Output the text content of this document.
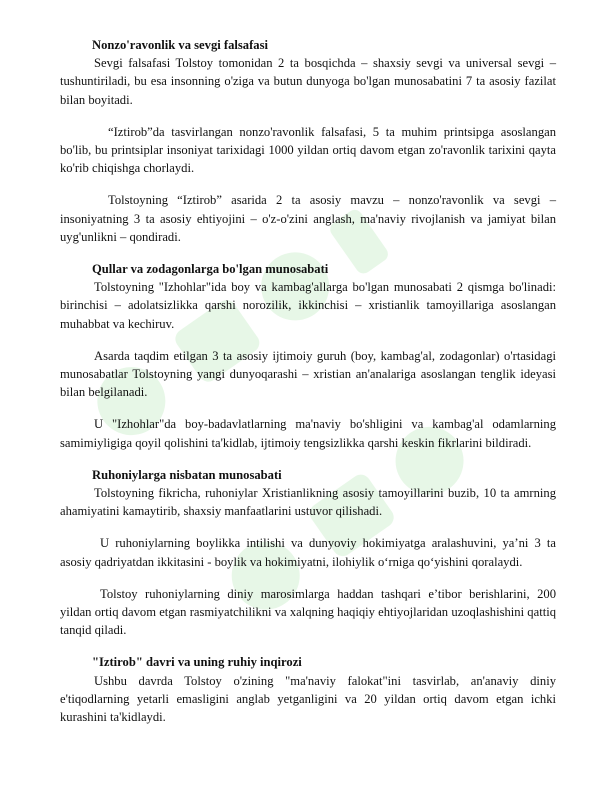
Nonzo'ravonlik va sevgi falsafasi

Sevgi falsafasi Tolstoy tomonidan 2 ta bosqichda – shaxsiy sevgi va universal sevgi – tushuntiriladi, bu esa insonning o'ziga va butun dunyoga bo'lgan munosabatini 7 ta asosiy fazilat bilan boyitadi.

“Iztirob”da tasvirlangan nonzo'ravonlik falsafasi, 5 ta muhim printsipga asoslangan bo'lib, bu printsiplar insoniyat tarixidagi 1000 yildan ortiq davom etgan zo'ravonlik tarixini qayta ko'rib chiqishga chorlaydi.

Tolstoyning “Iztirob” asarida 2 ta asosiy mavzu – nonzo'ravonlik va sevgi – insoniyatning 3 ta asosiy ehtiyojini – o'z-o'zini anglash, ma'naviy rivojlanish va jamiyat bilan uyg'unlikni – qondiradi.

Qullar va zodagonlarga bo'lgan munosabati

Tolstoyning "Izhohlar"ida boy va kambag'allarga bo'lgan munosabati 2 qismga bo'linadi: birinchisi – adolatsizlikka qarshi norozilik, ikkinchisi – xristianlik tamoyillariga asoslangan muhabbat va kechiruv.

Asarda taqdim etilgan 3 ta asosiy ijtimoiy guruh (boy, kambag'al, zodagonlar) o'rtasidagi munosabatlar Tolstoyning yangi dunyoqarashi – xristian an'analariga asoslangan tenglik ideyasi bilan belgilanadi.

U "Izhohlar"da boy-badavlatlarning ma'naviy bo'shligini va kambag'al odamlarning samimiyligiga qoyil qolishini ta'kidlab, ijtimoiy tengsizlikka qarshi keskin fikrlarini bildiradi.

Ruhoniylarga nisbatan munosabati

Tolstoyning fikricha, ruhoniylar Xristianlikning asosiy tamoyillarini buzib, 10 ta amrning ahamiyatini kamaytirib, shaxsiy manfaatlarini ustuvor qilishadi.

U ruhoniylarning boylikka intilishi va dunyoviy hokimiyatga aralashuvini, ya’ni 3 ta asosiy qadriyatdan ikkitasini - boylik va hokimiyatni, ilohiylik o‘rniga qo‘yishini qoralaydi.

Tolstoy ruhoniylarning diniy marosimlarga haddan tashqari e’tibor berishlarini, 200 yildan ortiq davom etgan rasmiyatchilikni va xalqning haqiqiy ehtiyojlaridan uzoqlashishini qattiq tanqid qiladi.

"Iztirob" davri va uning ruhiy inqirozi

Ushbu davrda Tolstoy o'zining "ma'naviy falokat"ini tasvirlab, an'anaviy diniy e'tiqodlarning yetarli emasligini anglab yetganligini va 20 yildan ortiq davom etgan ichki kurashini ta'kidlaydi.
